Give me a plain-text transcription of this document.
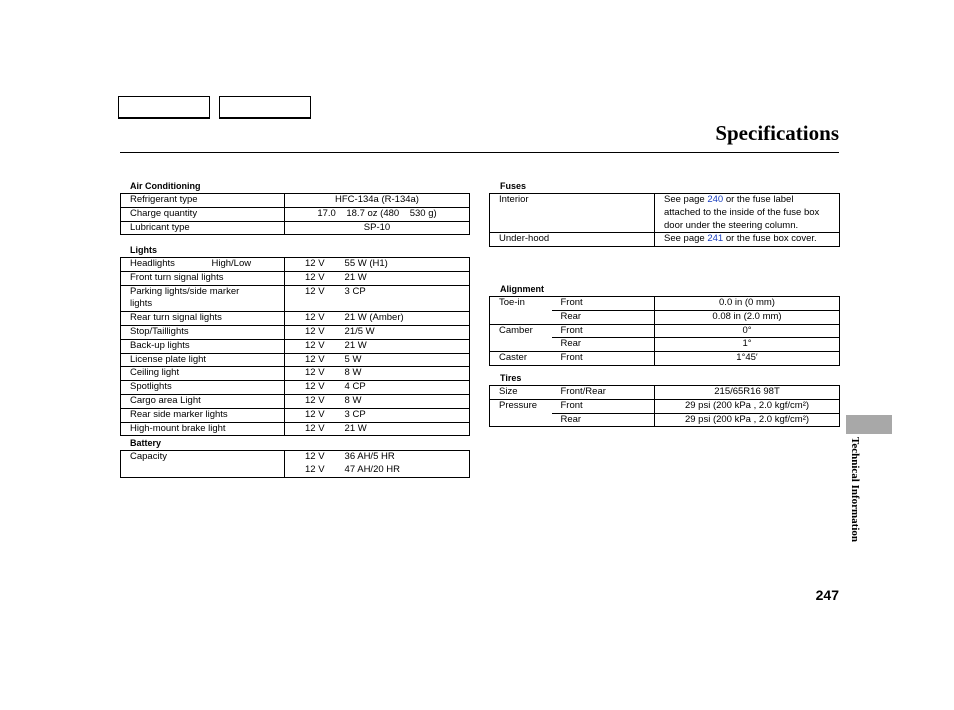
Specifications
Air Conditioning
Refrigerant type	HFC-134a (R-134a)
Charge quantity	17.0    18.7 oz (480    530 g)
Lubricant type	SP-10
Lights
Headlights	High/Low	12 V	55 W (H1)
Front turn signal lights		12 V	21 W
Parking lights/side marker lights		12 V	3 CP
Rear turn signal lights		12 V	21 W (Amber)
Stop/Taillights		12 V	21/5 W
Back-up lights		12 V	21 W
License plate light		12 V	5 W
Ceiling light		12 V	8 W
Spotlights		12 V	4 CP
Cargo area Light		12 V	8 W
Rear side marker lights		12 V	3 CP
High-mount brake light		12 V	21 W
Battery
Capacity	12 V	36 AH/5 HR
	12 V	47 AH/20 HR
Fuses
Interior	See page 240 or the fuse label attached to the inside of the fuse box door under the steering column.
Under-hood	See page 241 or the fuse box cover.
Alignment
Toe-in	Front	0.0 in (0 mm)
	Rear	0.08 in (2.0 mm)
Camber	Front	0°
	Rear	1°
Caster	Front	1°45′
Tires
Size	Front/Rear	215/65R16 98T
Pressure	Front	29 psi (200 kPa , 2.0 kgf/cm²)
	Rear	29 psi (200 kPa , 2.0 kgf/cm²)
Technical Information
247
